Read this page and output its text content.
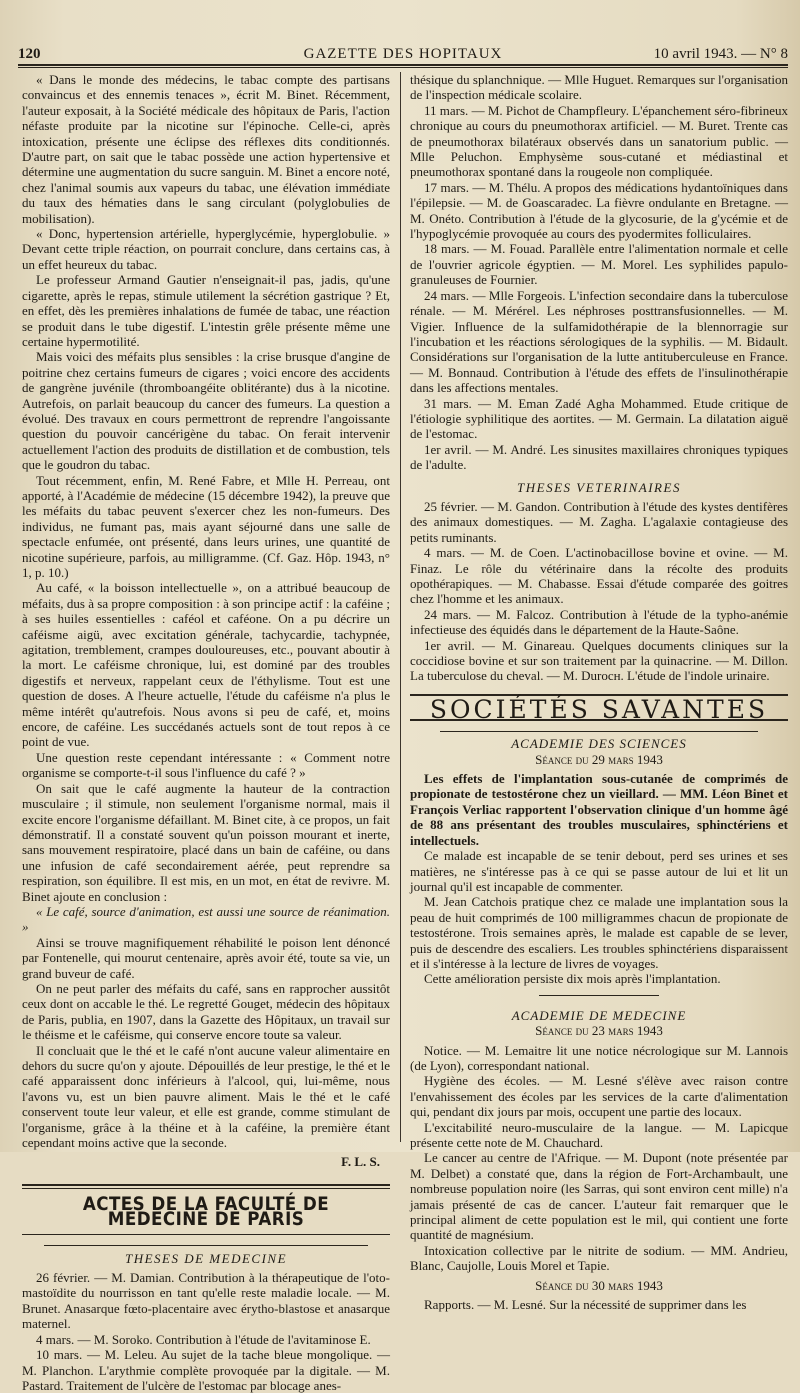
120	GAZETTE DES HOPITAUX	10 avril 1943. — N° 8

« Dans le monde des médecins, le tabac compte des partisans convaincus et des ennemis tenaces », écrit M. Binet. Récemment, l'auteur exposait, à la Société médicale des hôpitaux de Paris, l'action néfaste produite par la nicotine sur l'épinoche. Celle-ci, après intoxication, présente une éclipse des réflexes dits conditionnés. D'autre part, on sait que le tabac possède une action hypertensive et détermine une augmentation du sucre sanguin. M. Binet a encore noté, chez l'animal soumis aux vapeurs du tabac, une élévation immédiate du taux des hématies dans le sang circulant (polyglobulies de mobilisation).

« Donc, hypertension artérielle, hyperglycémie, hyperglobulie. » Devant cette triple réaction, on pourrait conclure, dans certains cas, à un effet heureux du tabac.

Le professeur Armand Gautier n'enseignait-il pas, jadis, qu'une cigarette, après le repas, stimule utilement la sécrétion gastrique ? Et, en effet, dès les premières inhalations de fumée de tabac, une réaction se produit dans le tube digestif. L'intestin grêle présente même une certaine hypermotilité.

Mais voici des méfaits plus sensibles : la crise brusque d'angine de poitrine chez certains fumeurs de cigares ; voici encore des accidents de gangrène juvénile (thromboangéite oblitérante) dus à la nicotine. Autrefois, on parlait beaucoup du cancer des fumeurs. La question a évolué. Des travaux en cours permettront de reprendre l'angoissante question du pouvoir cancérigène du tabac. On ferait intervenir actuellement l'action des produits de distillation et de combustion, tels que le goudron du tabac.

Tout récemment, enfin, M. René Fabre, et Mlle H. Perreau, ont apporté, à l'Académie de médecine (15 décembre 1942), la preuve que les méfaits du tabac peuvent s'exercer chez les non-fumeurs. Des individus, ne fumant pas, mais ayant séjourné dans une salle de spectacle enfumée, ont présenté, dans leurs urines, une quantité de nicotine supérieure, parfois, au milligramme. (Cf. Gaz. Hôp. 1943, n° 1, p. 10.)

Au café, « la boisson intellectuelle », on a attribué beaucoup de méfaits, dus à sa propre composition : à son principe actif : la caféine ; à ses huiles essentielles : caféol et caféone. On a pu décrire un caféisme aigü, avec excitation générale, tachycardie, tachypnée, agitation, tremblement, crampes douloureuses, etc., pouvant aboutir à la mort. Le caféisme chronique, lui, est dominé par des troubles digestifs et nerveux, rappelant ceux de l'éthylisme. Tout est une question de doses. A l'heure actuelle, l'étude du caféisme n'a plus le même intérêt qu'autrefois. Nous avons si peu de café, et, moins encore, de caféine. Les succédanés actuels sont de tout repos à ce point de vue.

Une question reste cependant intéressante : « Comment notre organisme se comporte-t-il sous l'influence du café ? »

On sait que le café augmente la hauteur de la contraction musculaire ; il stimule, non seulement l'organisme normal, mais il excite encore l'organisme défaillant. M. Binet cite, à ce propos, un fait démonstratif. Il a constaté souvent qu'un poisson mourant et inerte, sans mouvement respiratoire, placé dans un bain de caféine, ou dans une infusion de café secondairement aérée, peut reprendre sa respiration, son équilibre. Il est mis, en un mot, en état de revivre. M. Binet ajoute en conclusion :

« Le café, source d'animation, est aussi une source de réanimation. »

Ainsi se trouve magnifiquement réhabilité le poison lent dénoncé par Fontenelle, qui mourut centenaire, après avoir été, toute sa vie, un grand buveur de café.

On ne peut parler des méfaits du café, sans en rapprocher aussitôt ceux dont on accable le thé. Le regretté Gouget, médecin des hôpitaux de Paris, publia, en 1907, dans la Gazette des Hôpitaux, un travail sur le théisme et le caféisme, qui conserve encore toute sa valeur.

Il concluait que le thé et le café n'ont aucune valeur alimentaire en dehors du sucre qu'on y ajoute. Dépouillés de leur prestige, le thé et le café apparaissent donc inférieurs à l'alcool, qui, lui-même, nous l'avons vu, est un bien pauvre aliment. Mais le thé et le café conservent toute leur valeur, et elle est grande, comme stimulant de l'organisme, grâce à la théine et à la caféine, la première étant cependant moins active que la seconde.

F. L. S.
ACTES DE LA FACULTÉ DE MÉDECINE DE PARIS
THESES DE MEDECINE

26 février. — M. Damian. Contribution à la thérapeutique de l'oto-mastoïdite du nourrisson en tant qu'elle reste maladie locale. — M. Brunet. Anasarque fœto-placentaire avec érytho-blastose et anasarque maternel.

4 mars. — M. Soroko. Contribution à l'étude de l'avitaminose E.

10 mars. — M. Leleu. Au sujet de la tache bleue mongolique. — M. Planchon. L'arythmie complète provoquée par la digitale. — M. Pastard. Traitement de l'ulcère de l'estomac par blocage anes-

thésique du splanchnique. — Mlle Huguet. Remarques sur l'organisation de l'inspection médicale scolaire.

11 mars. — M. Pichot de Champfleury. L'épanchement séro-fibrineux chronique au cours du pneumothorax artificiel. — M. Buret. Trente cas de pneumothorax bilatéraux observés dans un sanatorium public. — Mlle Peluchon. Emphysème sous-cutané et médiastinal et pneumothorax spontané dans la rougeole non compliquée.

17 mars. — M. Thélu. A propos des médications hydantoïniques dans l'épilepsie. — M. de Goascaradec. La fièvre ondulante en Bretagne. — M. Onéto. Contribution à l'étude de la glycosurie, de la g'ycémie et de l'hypoglycémie provoquée au cours des pyodermites folliculaires.

18 mars. — M. Fouad. Parallèle entre l'alimentation normale et celle de l'ouvrier agricole égyptien. — M. Morel. Les syphilides papulo-granuleuses de Fournier.

24 mars. — Mlle Forgeois. L'infection secondaire dans la tuberculose rénale. — M. Mérérel. Les néphroses posttransfusionnelles. — M. Vigier. Influence de la sulfamidothérapie de la blennorragie sur l'incubation et les réactions sérologiques de la syphilis. — M. Bidault. Considérations sur l'organisation de la lutte antituberculeuse en France. — M. Bonnaud. Contribution à l'étude des effets de l'insulinothérapie dans les affections mentales.

31 mars. — M. Eman Zadé Agha Mohammed. Etude critique de l'étiologie syphilitique des aortites. — M. Germain. La dilatation aiguë de l'estomac.

1er avril. — M. André. Les sinusites maxillaires chroniques typiques de l'adulte.

THESES VETERINAIRES

25 février. — M. Gandon. Contribution à l'étude des kystes dentifères des animaux domestiques. — M. Zagha. L'agalaxie contagieuse des petits ruminants.

4 mars. — M. de Coen. L'actinobacillose bovine et ovine. — M. Finaz. Le rôle du vétérinaire dans la récolte des produits opothérapiques. — M. Chabasse. Essai d'étude comparée des goitres chez l'homme et les animaux.

24 mars. — M. Falcoz. Contribution à l'étude de la typho-anémie infectieuse des équidés dans le département de la Haute-Saône.

1er avril. — M. Ginareau. Quelques documents cliniques sur la coccidiose bovine et sur son traitement par la quinacrine. — M. Dillon. La tuberculose du cheval. — M. Durocн. L'étude de l'indole urinaire.

SOCIÉTÉS SAVANTES
ACADEMIE DES SCIENCES
Séance du 29 mars 1943

Les effets de l'implantation sous-cutanée de comprimés de propionate de testostérone chez un vieillard. — MM. Léon Binet et François Verliac rapportent l'observation clinique d'un homme âgé de 88 ans présentant des troubles musculaires, sphinctériens et intellectuels.

Ce malade est incapable de se tenir debout, perd ses urines et ses matières, ne s'intéresse pas à ce qui se passe autour de lui et lit un journal qu'il est incapable de commenter.

M. Jean Catchois pratique chez ce malade une implantation sous la peau de huit comprimés de 100 milligrammes chacun de propionate de testostérone. Trois semaines après, le malade est capable de se lever, puis de descendre des escaliers. Les troubles sphinctériens disparaissent et il s'intéresse à la lecture de livres de voyages.

Cette amélioration persiste dix mois après l'implantation.

ACADEMIE DE MEDECINE
Séance du 23 mars 1943

Notice. — M. Lemaitre lit une notice nécrologique sur M. Lannois (de Lyon), correspondant national.

Hygiène des écoles. — M. Lesné s'élève avec raison contre l'envahissement des écoles par les services de la carte d'alimentation qui, pendant dix jours par mois, occupent une partie des locaux.

L'excitabilité neuro-musculaire de la langue. — M. Lapicque présente cette note de M. Chauchard.

Le cancer au centre de l'Afrique. — M. Dupont (note présentée par M. Delbet) a constaté que, dans la région de Fort-Archambault, une nombreuse population noire (les Sarras, qui sont environ cent mille) n'a jamais présenté de cas de cancer. L'auteur fait remarquer que le principal aliment de cette population est le mil, qui contient une forte quantité de magnésium.

Intoxication collective par le nitrite de sodium. — MM. Andrieu, Blanc, Caujolle, Louis Morel et Tapie.

Séance du 30 mars 1943

Rapports. — M. Lesné. Sur la nécessité de supprimer dans les
